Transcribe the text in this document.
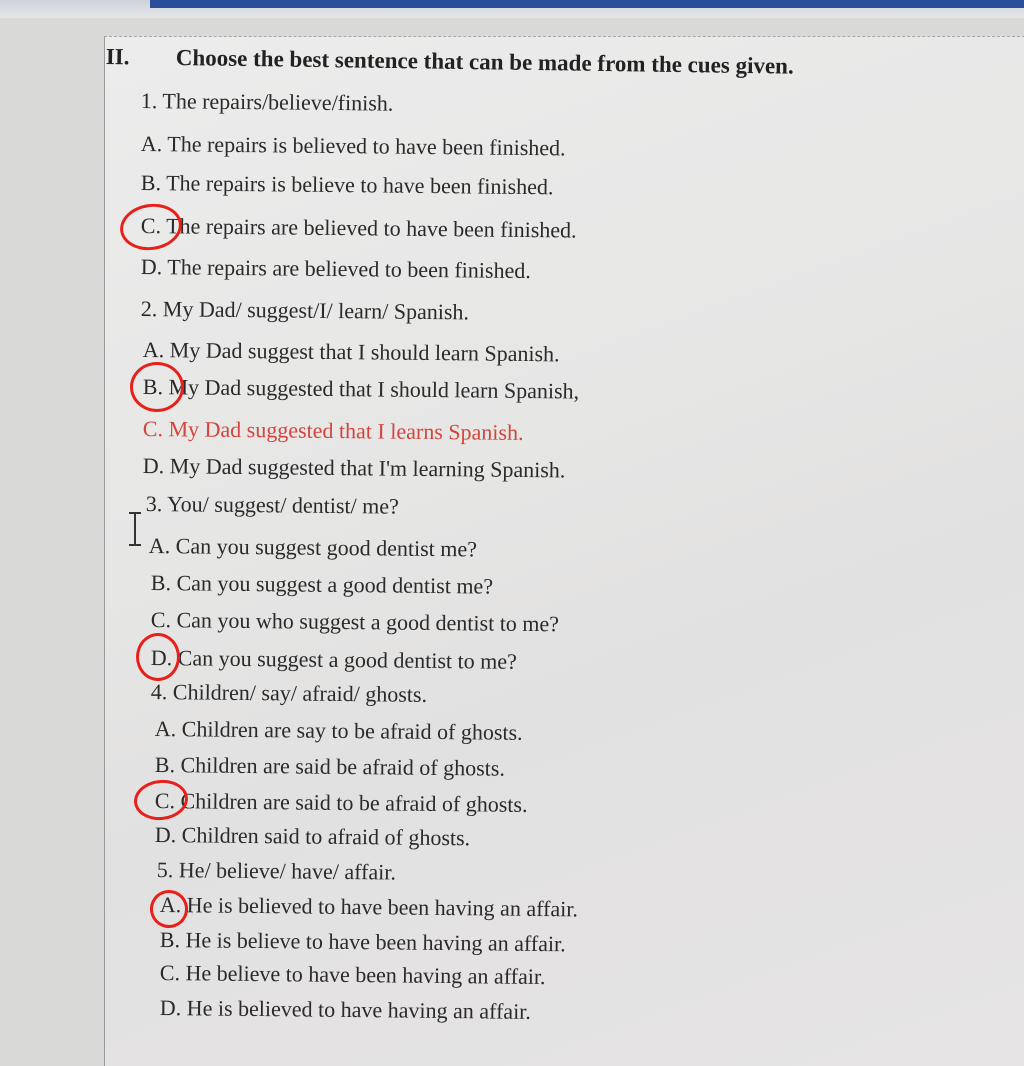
II. Choose the best sentence that can be made from the cues given.
1. The repairs/believe/finish.
A. The repairs is believed to have been finished.
B. The repairs is believe to have been finished.
C. The repairs are believed to have been finished.
D. The repairs are believed to been finished.
2. My Dad/ suggest/I/ learn/ Spanish.
A. My Dad suggest that I should learn Spanish.
B. My Dad suggested that I should learn Spanish,
C. My Dad suggested that I learns Spanish.
D. My Dad suggested that I'm learning Spanish.
3. You/ suggest/ dentist/ me?
A. Can you suggest good dentist me?
B. Can you suggest a good dentist me?
C. Can you who suggest a good dentist to me?
D. Can you suggest a good dentist to me?
4. Children/ say/ afraid/ ghosts.
A. Children are say to be afraid of ghosts.
B. Children are said be afraid of ghosts.
C. Children are said to be afraid of ghosts.
D. Children said to afraid of ghosts.
5. He/ believe/ have/ affair.
A. He is believed to have been having an affair.
B. He is believe to have been having an affair.
C. He believe to have been having an affair.
D. He is believed to have having an affair.
